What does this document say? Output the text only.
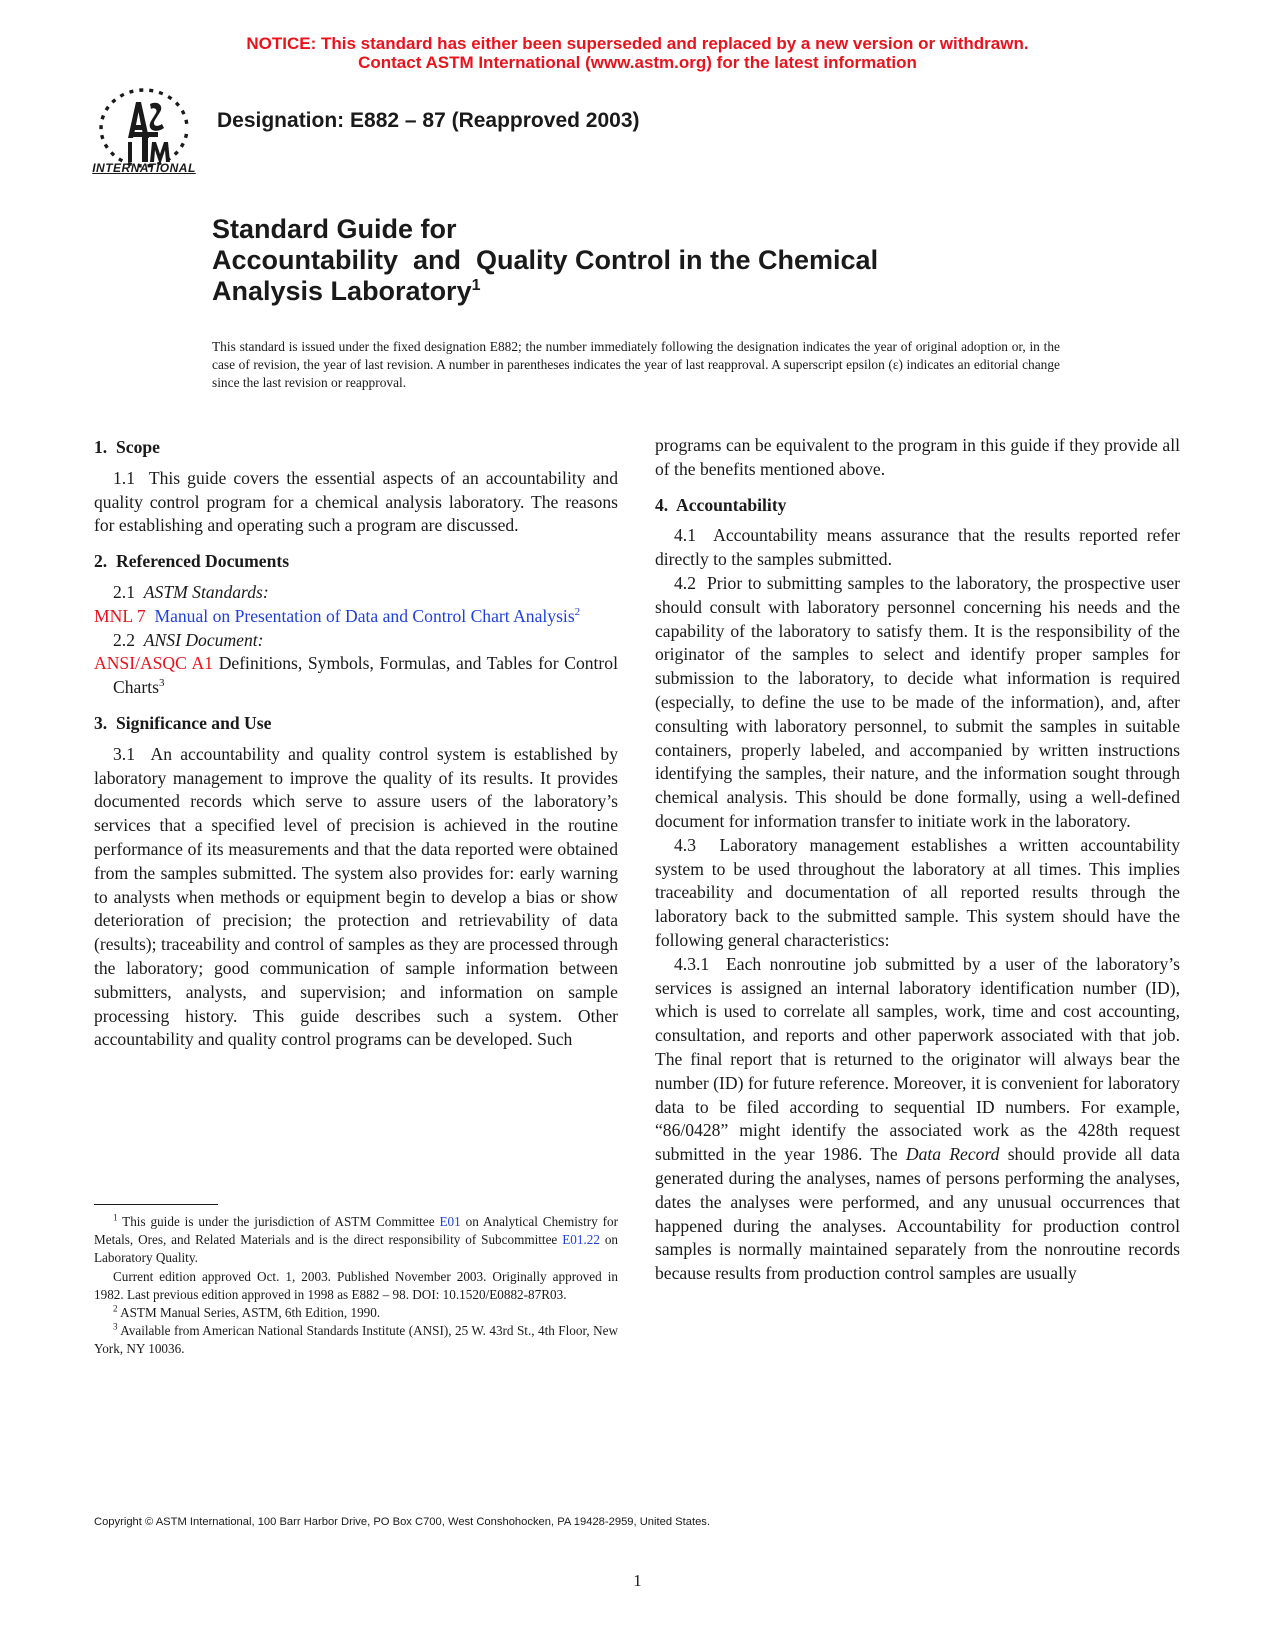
NOTICE: This standard has either been superseded and replaced by a new version or withdrawn.
Contact ASTM International (www.astm.org) for the latest information
INTERNATIONAL
Designation: E882 – 87 (Reapproved 2003)
Standard Guide for
Accountability  and  Quality Control in the Chemical
Analysis Laboratory$^1$
This standard is issued under the fixed designation E882; the number immediately following the designation indicates the year of original adoption or, in the case of revision, the year of last revision. A number in parentheses indicates the year of last reapproval. A superscript epsilon (ε) indicates an editorial change since the last revision or reapproval.
1.  Scope

1.1  This guide covers the essential aspects of an accountability and quality control program for a chemical analysis laboratory. The reasons for establishing and operating such a program are discussed.

2.  Referenced Documents

2.1  ASTM Standards:

MNL 7  Manual on Presentation of Data and Control Chart Analysis$^2$

2.2  ANSI Document:

ANSI/ASQC A1 Definitions, Symbols, Formulas, and Tables for Control Charts$^3$

3.  Significance and Use

3.1  An accountability and quality control system is established by laboratory management to improve the quality of its results. It provides documented records which serve to assure users of the laboratory’s services that a specified level of precision is achieved in the routine performance of its measurements and that the data reported were obtained from the samples submitted. The system also provides for: early warning to analysts when methods or equipment begin to develop a bias or show deterioration of precision; the protection and retrievability of data (results); traceability and control of samples as they are processed through the laboratory; good communication of sample information between submitters, analysts, and supervision; and information on sample processing history. This guide describes such a system. Other accountability and quality control programs can be developed. Such

$^1$ This guide is under the jurisdiction of ASTM Committee E01 on Analytical Chemistry for Metals, Ores, and Related Materials and is the direct responsibility of Subcommittee E01.22 on Laboratory Quality.

Current edition approved Oct. 1, 2003. Published November 2003. Originally approved in 1982. Last previous edition approved in 1998 as E882 – 98. DOI: 10.1520/E0882-87R03.

$^2$ ASTM Manual Series, ASTM, 6th Edition, 1990.

$^3$ Available from American National Standards Institute (ANSI), 25 W. 43rd St., 4th Floor, New York, NY 10036.

programs can be equivalent to the program in this guide if they provide all of the benefits mentioned above.

4.  Accountability

4.1  Accountability means assurance that the results reported refer directly to the samples submitted.

4.2  Prior to submitting samples to the laboratory, the prospective user should consult with laboratory personnel concerning his needs and the capability of the laboratory to satisfy them. It is the responsibility of the originator of the samples to select and identify proper samples for submission to the laboratory, to decide what information is required (especially, to define the use to be made of the information), and, after consulting with laboratory personnel, to submit the samples in suitable containers, properly labeled, and accompanied by written instructions identifying the samples, their nature, and the information sought through chemical analysis. This should be done formally, using a well-defined document for information transfer to initiate work in the laboratory.

4.3  Laboratory management establishes a written accountability system to be used throughout the laboratory at all times. This implies traceability and documentation of all reported results through the laboratory back to the submitted sample. This system should have the following general characteristics:

4.3.1  Each nonroutine job submitted by a user of the laboratory’s services is assigned an internal laboratory identification number (ID), which is used to correlate all samples, work, time and cost accounting, consultation, and reports and other paperwork associated with that job. The final report that is returned to the originator will always bear the number (ID) for future reference. Moreover, it is convenient for laboratory data to be filed according to sequential ID numbers. For example, “86/0428” might identify the associated work as the 428th request submitted in the year 1986. The Data Record should provide all data generated during the analyses, names of persons performing the analyses, dates the analyses were performed, and any unusual occurrences that happened during the analyses. Accountability for production control samples is normally maintained separately from the nonroutine records because results from production control samples are usually

Copyright © ASTM International, 100 Barr Harbor Drive, PO Box C700, West Conshohocken, PA 19428-2959, United States.
1
